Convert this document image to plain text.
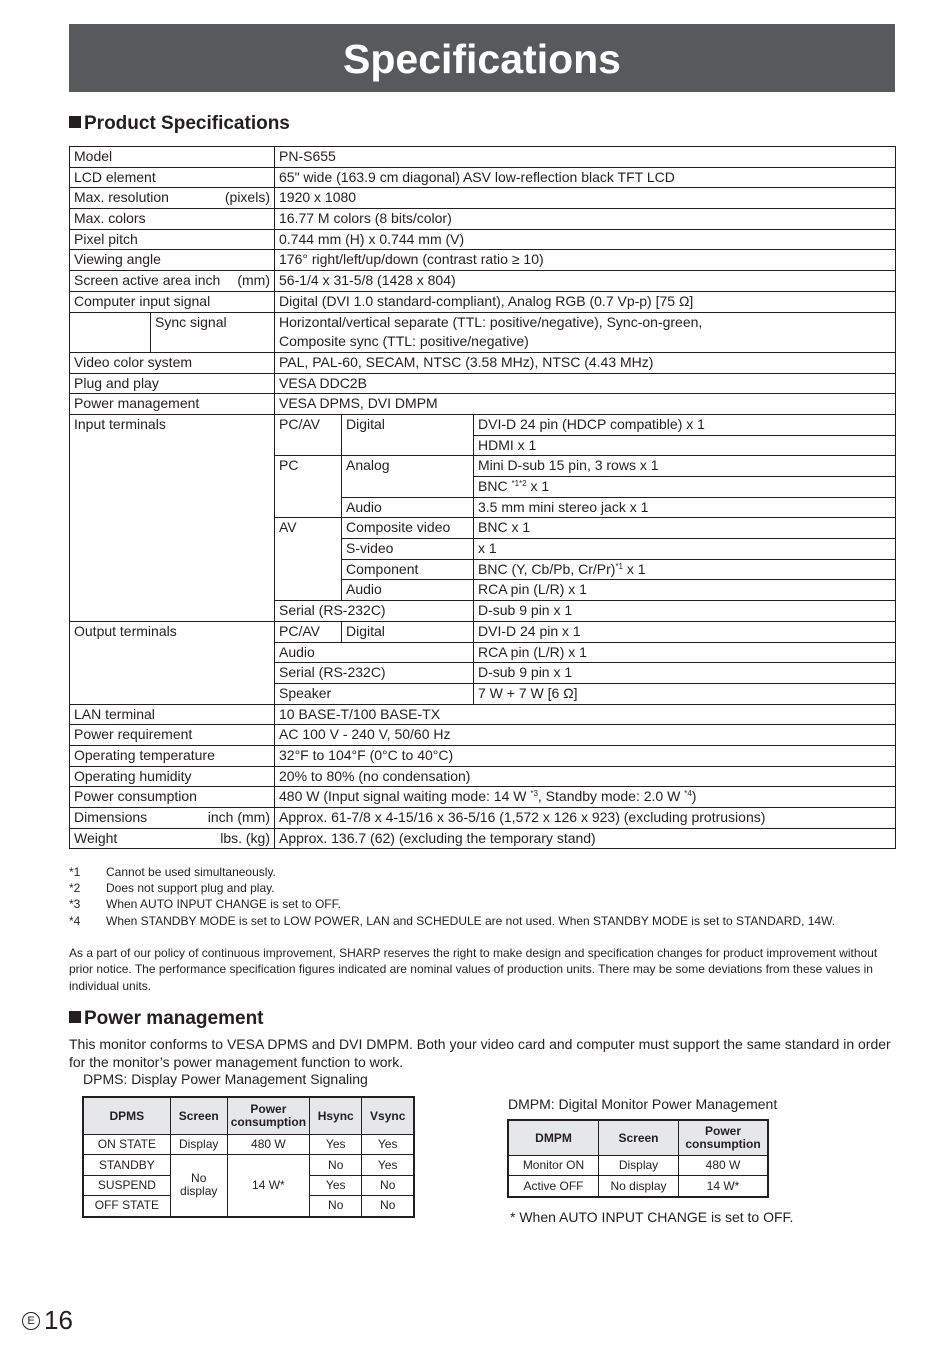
Specifications
Product Specifications
Model		PN-S655		
LCD element		65" wide (163.9 cm diagonal) ASV low-reflection black TFT LCD		
Max. resolution (pixels)		1920 x 1080		
Max. colors		16.77 M colors (8 bits/color)		
Pixel pitch		0.744 mm (H) x 0.744 mm (V)		
Viewing angle		176° right/left/up/down (contrast ratio ≥ 10)		
Screen active area inch (mm)		56-1/4 x 31-5/8 (1428 x 804)		
Computer input signal		Digital (DVI 1.0 standard-compliant), Analog RGB (0.7 Vp-p) [75 Ω]		
	Sync signal	Horizontal/vertical separate (TTL: positive/negative), Sync-on-green,		
		Composite sync (TTL: positive/negative)		
Video color system		PAL, PAL-60, SECAM, NTSC (3.58 MHz), NTSC (4.43 MHz)		
Plug and play		VESA DDC2B		
Power management		VESA DPMS, DVI DMPM		
Input terminals		PC/AV	Digital	DVI-D 24 pin (HDCP compatible) x 1
				HDMI x 1
		PC	Analog	Mini D-sub 15 pin, 3 rows x 1
				BNC $^{*1*2}$ x 1
			Audio	3.5 mm mini stereo jack x 1
		AV	Composite video	BNC x 1
			S-video	x 1
			Component	BNC (Y, Cb/Pb, Cr/Pr)$^{*1}$ x 1
			Audio	RCA pin (L/R) x 1
		Serial (RS-232C)		D-sub 9 pin x 1
Output terminals		PC/AV	Digital	DVI-D 24 pin x 1
		Audio		RCA pin (L/R) x 1
		Serial (RS-232C)		D-sub 9 pin x 1
		Speaker		7 W + 7 W [6 Ω]
LAN terminal		10 BASE-T/100 BASE-TX		
Power requirement		AC 100 V - 240 V, 50/60 Hz		
Operating temperature		32°F to 104°F (0°C to 40°C)		
Operating humidity		20% to 80% (no condensation)		
Power consumption		480 W (Input signal waiting mode: 14 W $^{*3}$, Standby mode: 2.0 W $^{*4}$)		
Dimensions inch (mm)		Approx. 61-7/8 x 4-15/16 x 36-5/16 (1,572 x 126 x 923) (excluding protrusions)		
Weight lbs. (kg)		Approx. 136.7 (62) (excluding the temporary stand)		
*1 Cannot be used simultaneously.
*2 Does not support plug and play.
*3 When AUTO INPUT CHANGE is set to OFF.
*4 When STANDBY MODE is set to LOW POWER, LAN and SCHEDULE are not used. When STANDBY MODE is set to STANDARD, 14W.
As a part of our policy of continuous improvement, SHARP reserves the right to make design and specification changes for product improvement without prior notice. The performance specification figures indicated are nominal values of production units. There may be some deviations from these values in individual units.
Power management
This monitor conforms to VESA DPMS and DVI DMPM. Both your video card and computer must support the same standard in order for the monitor’s power management function to work.
DPMS: Display Power Management Signaling
DPMS	Screen	Power consumption	Hsync	Vsync
ON STATE	Display	480 W	Yes	Yes
STANDBY	No display	14 W*	No	Yes
SUSPEND			Yes	No
OFF STATE			No	No
DMPM: Digital Monitor Power Management
DMPM	Screen	Power consumption
Monitor ON	Display	480 W
Active OFF	No display	14 W*
* When AUTO INPUT CHANGE is set to OFF.
E 16
